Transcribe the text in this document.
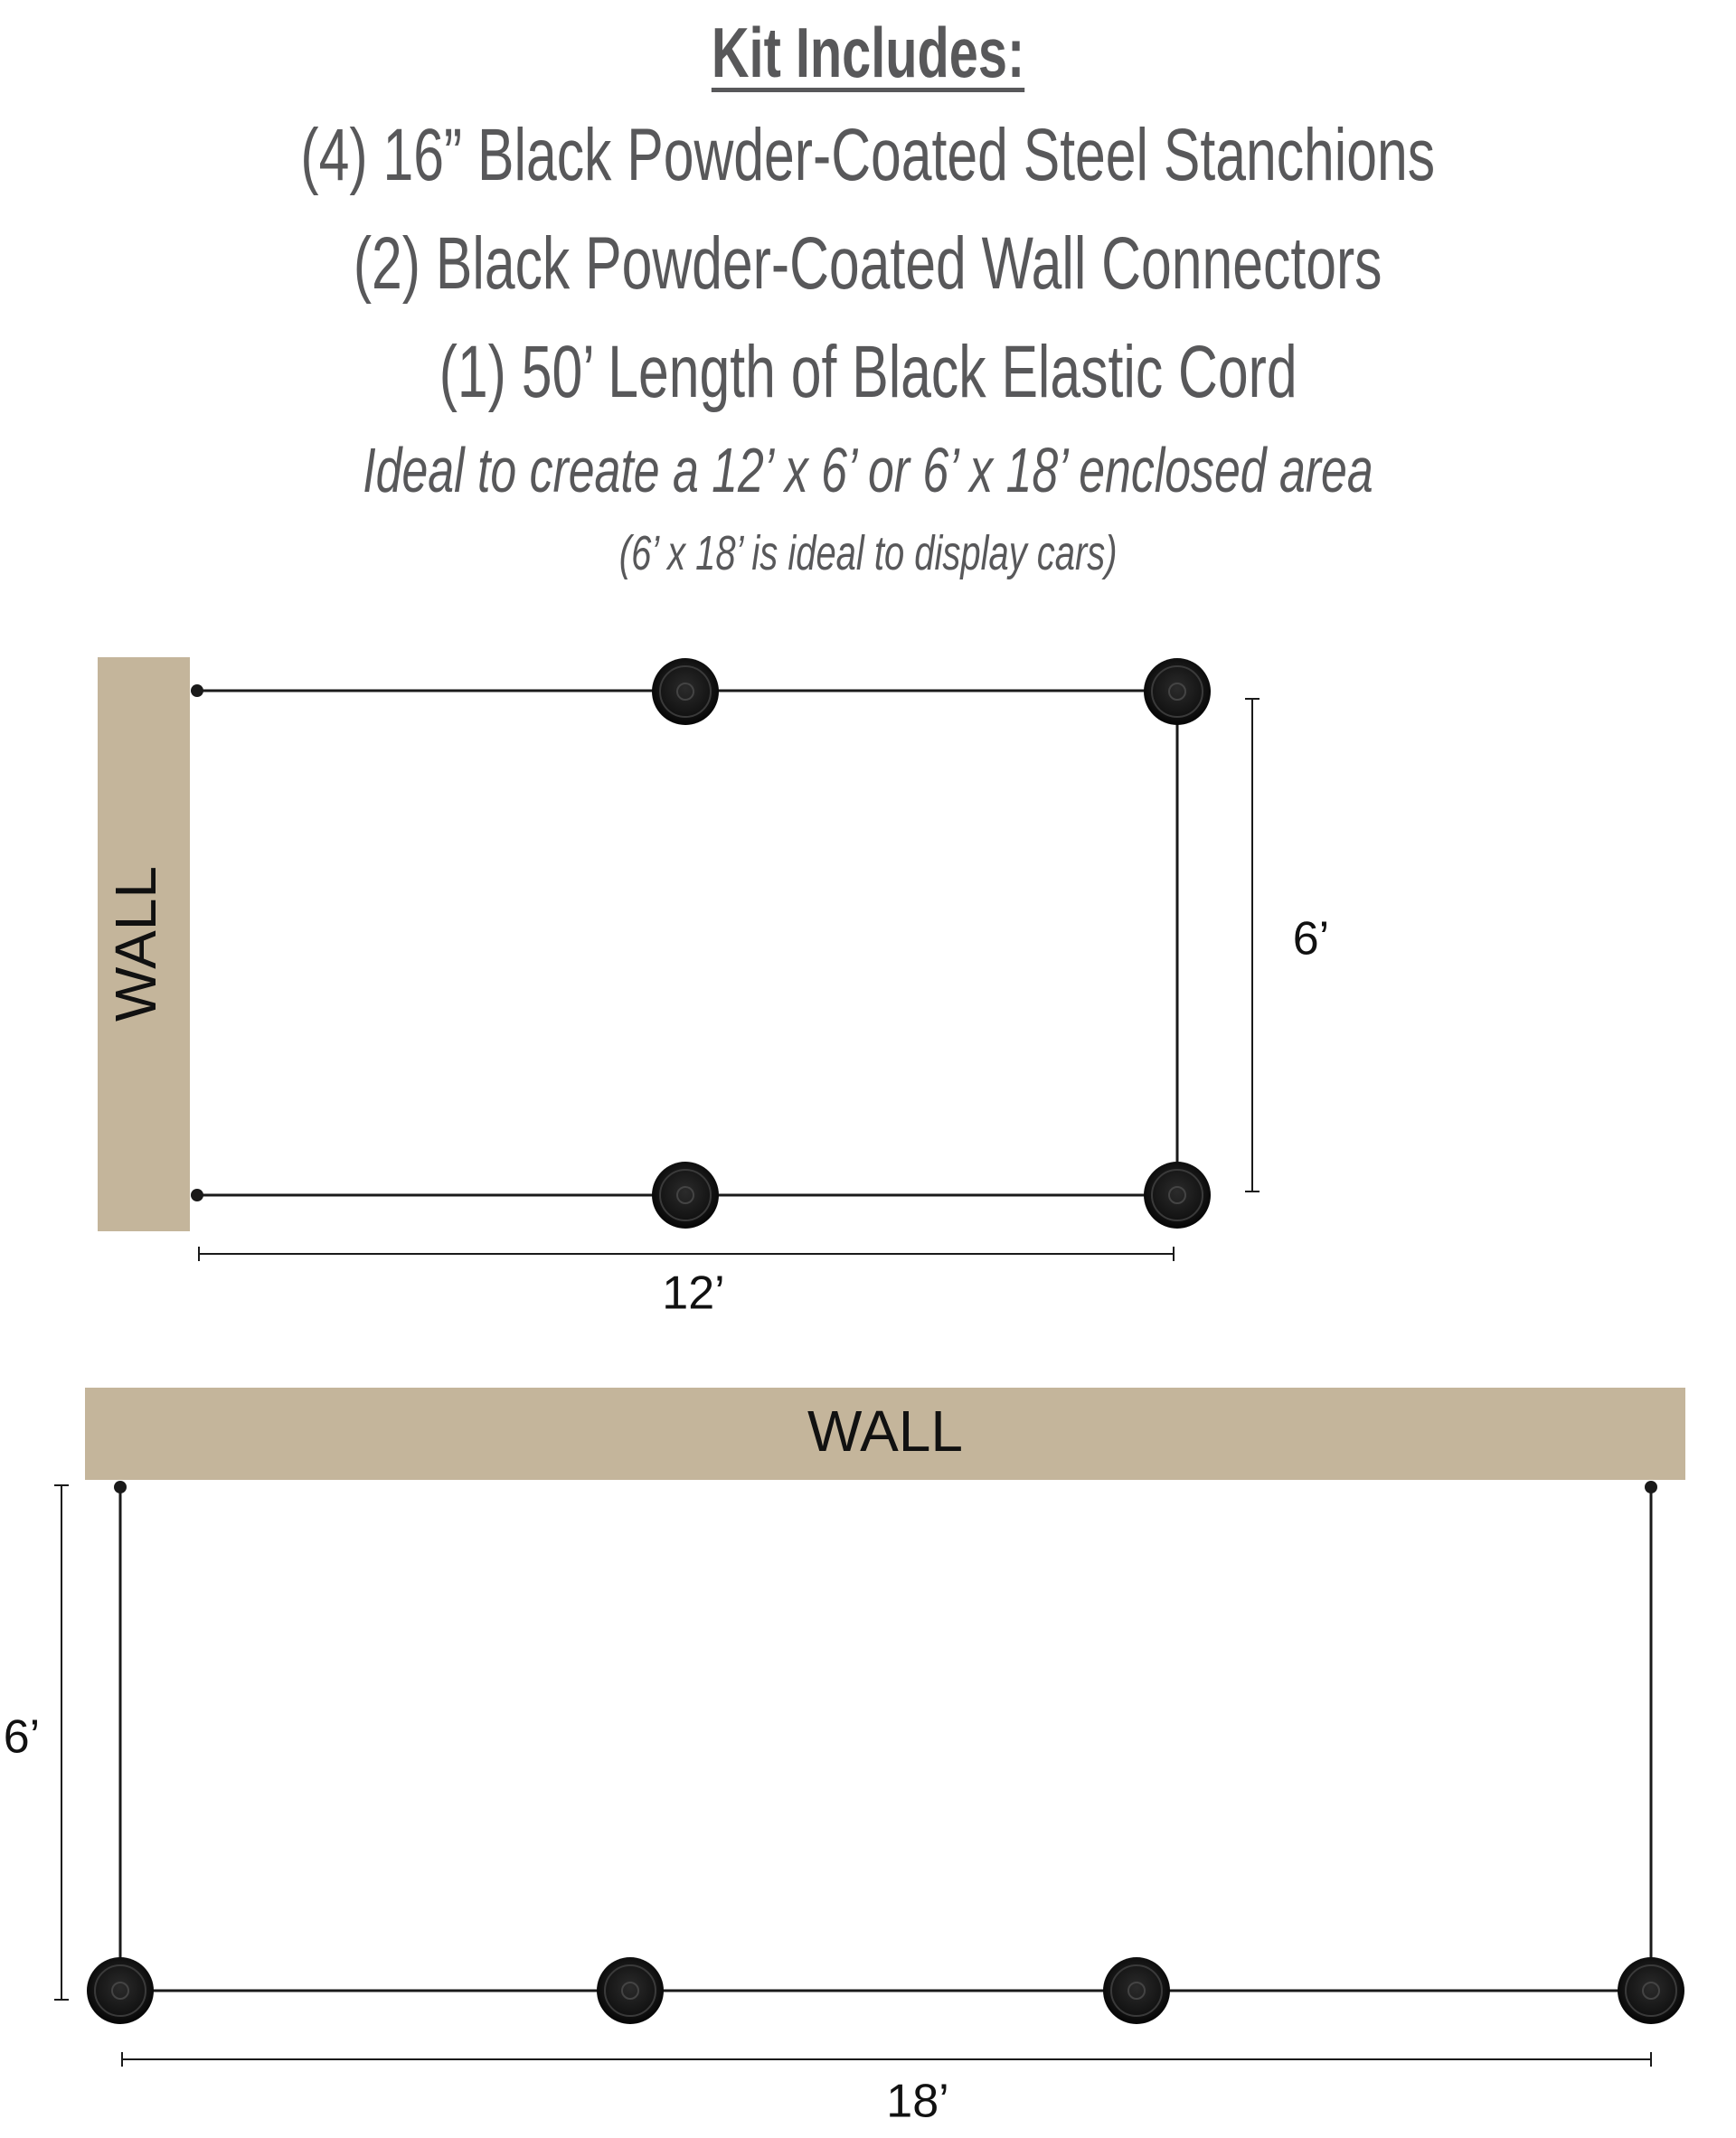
Kit Includes:
(4) 16” Black Powder-Coated Steel Stanchions
(2) Black Powder-Coated Wall Connectors
(1) 50’ Length of Black Elastic Cord
Ideal to create a 12’ x 6’ or 6’ x 18’ enclosed area
(6’ x 18’ is ideal to display cars)
WALL	6’
12’
WALL
6’
18’
